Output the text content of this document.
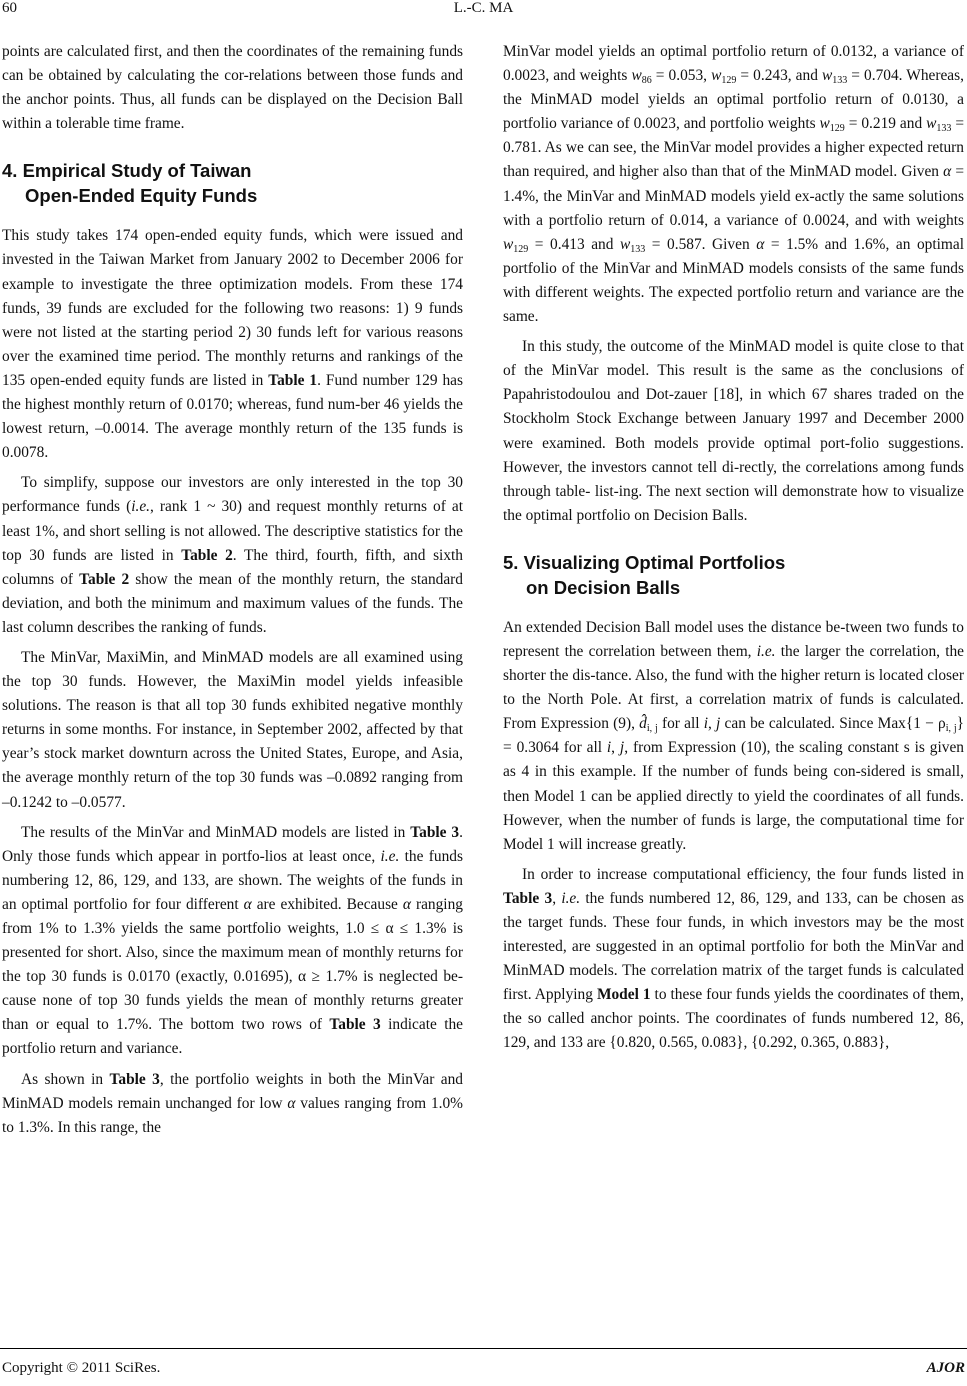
60	L.-C. MA

points are calculated first, and then the coordinates of the remaining funds can be obtained by calculating the cor-relations between those funds and the anchor points. Thus, all funds can be displayed on the Decision Ball within a tolerable time frame.

4. Empirical Study of Taiwan
Open-Ended Equity Funds

This study takes 174 open-ended equity funds, which were issued and invested in the Taiwan Market from January 2002 to December 2006 for example to investigate the three optimization models. From these 174 funds, 39 funds are excluded for the following two reasons: 1) 9 funds were not listed at the starting period 2) 30 funds left for various reasons over the examined time period. The monthly returns and rankings of the 135 open-ended equity funds are listed in Table 1. Fund number 129 has the highest monthly return of 0.0170; whereas, fund num-ber 46 yields the lowest return, –0.0014. The average monthly return of the 135 funds is 0.0078.

To simplify, suppose our investors are only interested in the top 30 performance funds (i.e., rank 1 ~ 30) and request monthly returns of at least 1%, and short selling is not allowed. The descriptive statistics for the top 30 funds are listed in Table 2. The third, fourth, fifth, and sixth columns of Table 2 show the mean of the monthly return, the standard deviation, and both the minimum and maximum values of the funds. The last column describes the ranking of funds.

The MinVar, MaxiMin, and MinMAD models are all examined using the top 30 funds. However, the MaxiMin model yields infeasible solutions. The reason is that all top 30 funds exhibited negative monthly returns in some months. For instance, in September 2002, affected by that year’s stock market downturn across the United States, Europe, and Asia, the average monthly return of the top 30 funds was –0.0892 ranging from –0.1242 to –0.0577.

The results of the MinVar and MinMAD models are listed in Table 3. Only those funds which appear in portfo-lios at least once, i.e. the funds numbering 12, 86, 129, and 133, are shown. The weights of the funds in an optimal portfolio for four different α are exhibited. Because α ranging from 1% to 1.3% yields the same portfolio weights, 1.0 ≤ α ≤ 1.3% is presented for short. Also, since the maximum mean of monthly returns for the top 30 funds is 0.0170 (exactly, 0.01695), α ≥ 1.7% is neglected be-cause none of top 30 funds yields the mean of monthly returns greater than or equal to 1.7%. The bottom two rows of Table 3 indicate the portfolio return and variance.

As shown in Table 3, the portfolio weights in both the MinVar and MinMAD models remain unchanged for low α values ranging from 1.0% to 1.3%. In this range, the

MinVar model yields an optimal portfolio return of 0.0132, a variance of 0.0023, and weights $w_{86} = 0.053$, $w_{129} = 0.243$, and $w_{133} = 0.704$. Whereas, the MinMAD model yields an optimal portfolio return of 0.0130, a portfolio variance of 0.0023, and portfolio weights $w_{129} = 0.219$ and $w_{133} = 0.781$. As we can see, the MinVar model provides a higher expected return than required, and higher also than that of the MinMAD model. Given α = 1.4%, the MinVar and MinMAD models yield ex-actly the same solutions with a portfolio return of 0.014, a variance of 0.0024, and with weights $w_{129} = 0.413$ and $w_{133} = 0.587$. Given α = 1.5% and 1.6%, an optimal portfolio of the MinVar and MinMAD models consists of the same funds with different weights. The expected portfolio return and variance are the same.

In this study, the outcome of the MinMAD model is quite close to that of the MinVar model. This result is the same as the conclusions of Papahristodoulou and Dot-zauer [18], in which 67 shares traded on the Stockholm Stock Exchange between January 1997 and December 2000 were examined. Both models provide optimal port-folio suggestions. However, the investors cannot tell di-rectly, the correlations among funds through table- list-ing. The next section will demonstrate how to visualize the optimal portfolio on Decision Balls.

5. Visualizing Optimal Portfolios
on Decision Balls

An extended Decision Ball model uses the distance be-tween two funds to represent the correlation between them, i.e. the larger the correlation, the shorter the dis-tance. Also, the fund with the higher return is located closer to the North Pole. At first, a correlation matrix of funds is calculated. From Expression (9), $d̂_{i, j}$ for all i, j can be calculated. Since $Max\{1 - \rho_{i, j}\} = 0.3064$ for all i, j, from Expression (10), the scaling constant s is given as 4 in this example. If the number of funds being con-sidered is small, then Model 1 can be applied directly to yield the coordinates of all funds. However, when the number of funds is large, the computational time for Model 1 will increase greatly.

In order to increase computational efficiency, the four funds listed in Table 3, i.e. the funds numbered 12, 86, 129, and 133, can be chosen as the target funds. These four funds, in which investors may be the most interested, are suggested in an optimal portfolio for both the MinVar and MinMAD models. The correlation matrix of the target funds is calculated first. Applying Model 1 to these four funds yields the coordinates of them, the so called anchor points. The coordinates of funds numbered 12, 86, 129, and 133 are {0.820, 0.565, 0.083}, {0.292, 0.365, 0.883},

Copyright © 2011 SciRes.	AJOR
